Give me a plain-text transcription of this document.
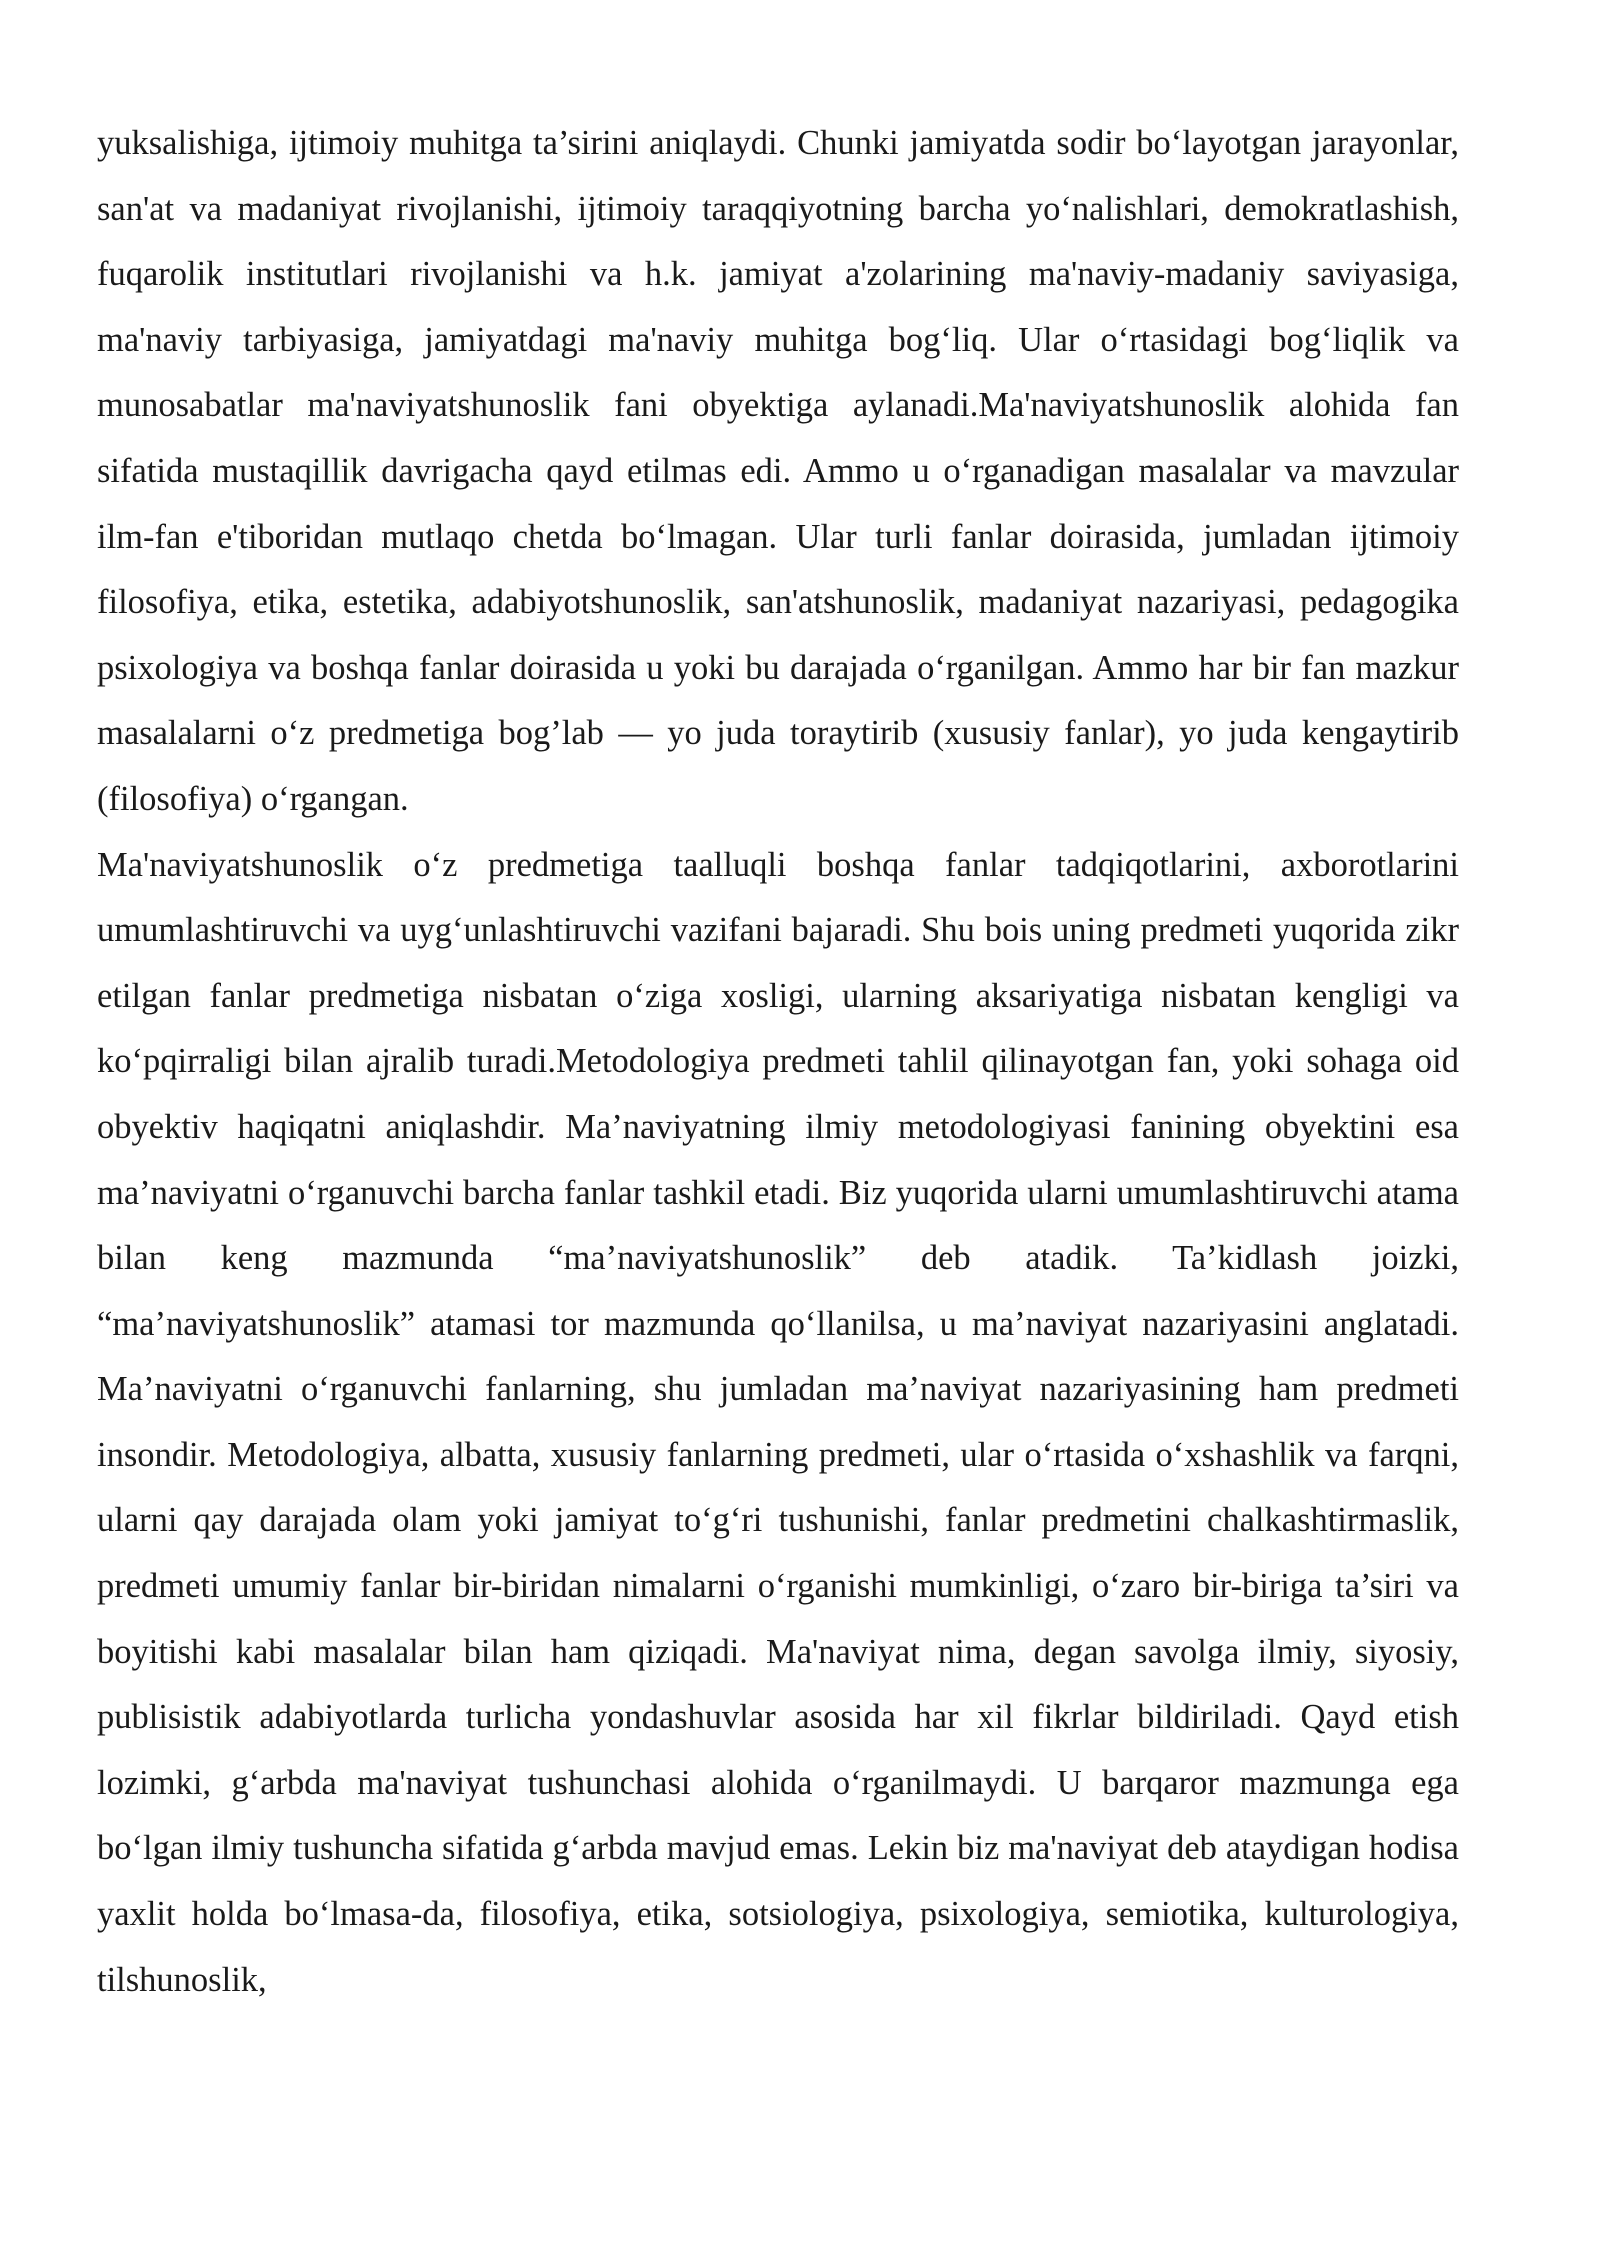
yuksalishiga, ijtimoiy muhitga ta’sirini aniqlaydi. Chunki jamiyatda sodir bo‘layotgan jarayonlar, san'at va madaniyat rivojlanishi, ijtimoiy taraqqiyotning barcha yo‘nalishlari, demokratlashish, fuqarolik institutlari rivojlanishi va h.k. jamiyat a'zolarining ma'naviy-madaniy saviyasiga, ma'naviy tarbiyasiga, jamiyatdagi ma'naviy muhitga bog‘liq. Ular o‘rtasidagi bog‘liqlik va munosabatlar ma'naviyatshunoslik fani obyektiga aylanadi.Ma'naviyatshunoslik alohida fan sifatida mustaqillik davrigacha qayd etilmas edi. Ammo u o‘rganadigan masalalar va mavzular ilm-fan e'tiboridan mutlaqo chetda bo‘lmagan. Ular turli fanlar doirasida, jumladan ijtimoiy filosofiya, etika, estetika, adabiyotshunoslik, san'atshunoslik, madaniyat nazariyasi, pedagogika psixologiya va boshqa fanlar doirasida u yoki bu darajada o‘rganilgan. Ammo har bir fan mazkur masalalarni o‘z predmetiga bog’lab — yo juda toraytirib (xususiy fanlar), yo juda kengaytirib (filosofiya) o‘rgangan.

Ma'naviyatshunoslik o‘z predmetiga taalluqli boshqa fanlar tadqiqotlarini, axborotlarini umumlashtiruvchi va uyg‘unlashtiruvchi vazifani bajaradi. Shu bois uning predmeti yuqorida zikr etilgan fanlar predmetiga nisbatan o‘ziga xosligi, ularning aksariyatiga nisbatan kengligi va ko‘pqirraligi bilan ajralib turadi.Metodologiya predmeti tahlil qilinayotgan fan, yoki sohaga oid obyektiv haqiqatni aniqlashdir. Ma’naviyatning ilmiy metodologiyasi fanining obyektini esa ma’naviyatni o‘rganuvchi barcha fanlar tashkil etadi. Biz yuqorida ularni umumlashtiruvchi atama bilan keng mazmunda “ma’naviyatshunoslik” deb atadik. Ta’kidlash joizki, “ma’naviyatshunoslik” atamasi tor mazmunda qo‘llanilsa, u ma’naviyat nazariyasini anglatadi. Ma’naviyatni o‘rganuvchi fanlarning, shu jumladan ma’naviyat nazariyasining ham predmeti insondir. Metodologiya, albatta, xususiy fanlarning predmeti, ular o‘rtasida o‘xshashlik va farqni, ularni qay darajada olam yoki jamiyat to‘g‘ri tushunishi, fanlar predmetini chalkashtirmaslik, predmeti umumiy fanlar bir-biridan nimalarni o‘rganishi mumkinligi, o‘zaro bir-biriga ta’siri va boyitishi kabi masalalar bilan ham qiziqadi. Ma'naviyat nima, degan savolga ilmiy, siyosiy, publisistik adabiyotlarda turlicha yondashuvlar asosida har xil fikrlar bildiriladi. Qayd etish lozimki, g‘arbda ma'naviyat tushunchasi alohida o‘rganilmaydi. U barqaror mazmunga ega bo‘lgan ilmiy tushuncha sifatida g‘arbda mavjud emas. Lekin biz ma'naviyat deb ataydigan hodisa yaxlit holda bo‘lmasa-da, filosofiya, etika, sotsiologiya, psixologiya, semiotika, kulturologiya, tilshunoslik,
